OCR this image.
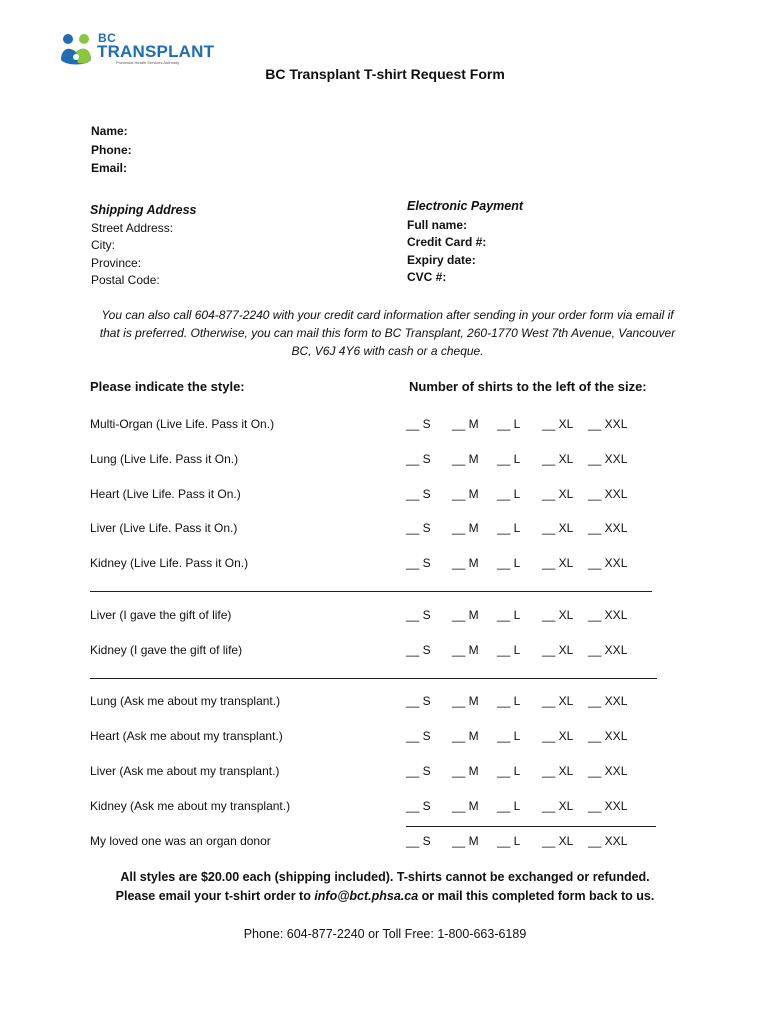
BC
TRANSPLANT
Provincial Health Services Authority
BC Transplant T-shirt Request Form
Name:
Phone:
Email:
Shipping Address
Street Address:
City:
Province:
Postal Code:
Electronic Payment
Full name:
Credit Card #:
Expiry date:
CVC #:
You can also call 604-877-2240 with your credit card information after sending in your order form via email if that is preferred. Otherwise, you can mail this form to BC Transplant, 260-1770 West 7th Avenue, Vancouver BC, V6J 4Y6 with cash or a cheque.
Please indicate the style:	Number of shirts to the left of the size:
Multi-Organ (Live Life. Pass it On.)	__ S __ M __ L __ XL __ XXL
Lung (Live Life. Pass it On.)	__ S __ M __ L __ XL __ XXL
Heart (Live Life. Pass it On.)	__ S __ M __ L __ XL __ XXL
Liver (Live Life. Pass it On.)	__ S __ M __ L __ XL __ XXL
Kidney (Live Life. Pass it On.)	__ S __ M __ L __ XL __ XXL
Liver (I gave the gift of life)	__ S __ M __ L __ XL __ XXL
Kidney (I gave the gift of life)	__ S __ M __ L __ XL __ XXL
Lung (Ask me about my transplant.)	__ S __ M __ L __ XL __ XXL
Heart (Ask me about my transplant.)	__ S __ M __ L __ XL __ XXL
Liver (Ask me about my transplant.)	__ S __ M __ L __ XL __ XXL
Kidney (Ask me about my transplant.)	__ S __ M __ L __ XL __ XXL
My loved one was an organ donor	__ S __ M __ L __ XL __ XXL
All styles are $20.00 each (shipping included). T-shirts cannot be exchanged or refunded.
Please email your t-shirt order to info@bct.phsa.ca or mail this completed form back to us.
Phone: 604-877-2240 or Toll Free: 1-800-663-6189
